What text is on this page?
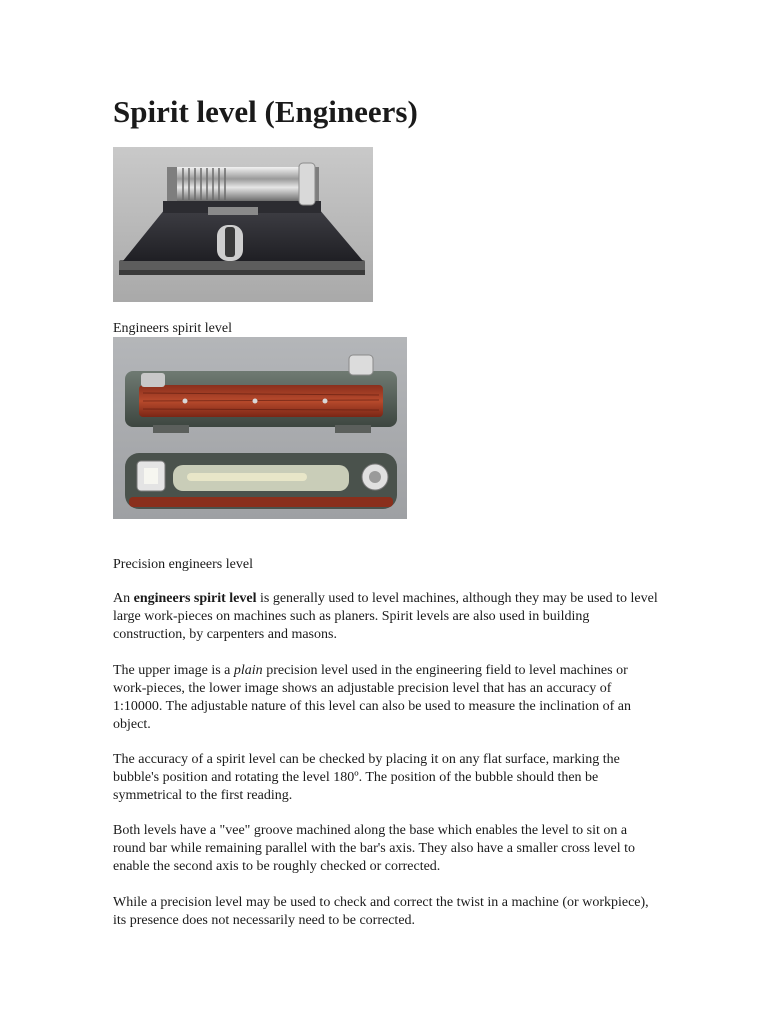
Spirit level (Engineers)
Engineers spirit level
Precision engineers level

An engineers spirit level is generally used to level machines, although they may be used to level large work-pieces on machines such as planers. Spirit levels are also used in building construction, by carpenters and masons.

The upper image is a plain precision level used in the engineering field to level machines or work-pieces, the lower image shows an adjustable precision level that has an accuracy of 1:10000. The adjustable nature of this level can also be used to measure the inclination of an object.

The accuracy of a spirit level can be checked by placing it on any flat surface, marking the bubble's position and rotating the level 180º. The position of the bubble should then be symmetrical to the first reading.

Both levels have a "vee" groove machined along the base which enables the level to sit on a round bar while remaining parallel with the bar's axis. They also have a smaller cross level to enable the second axis to be roughly checked or corrected.

While a precision level may be used to check and correct the twist in a machine (or workpiece), its presence does not necessarily need to be corrected.
